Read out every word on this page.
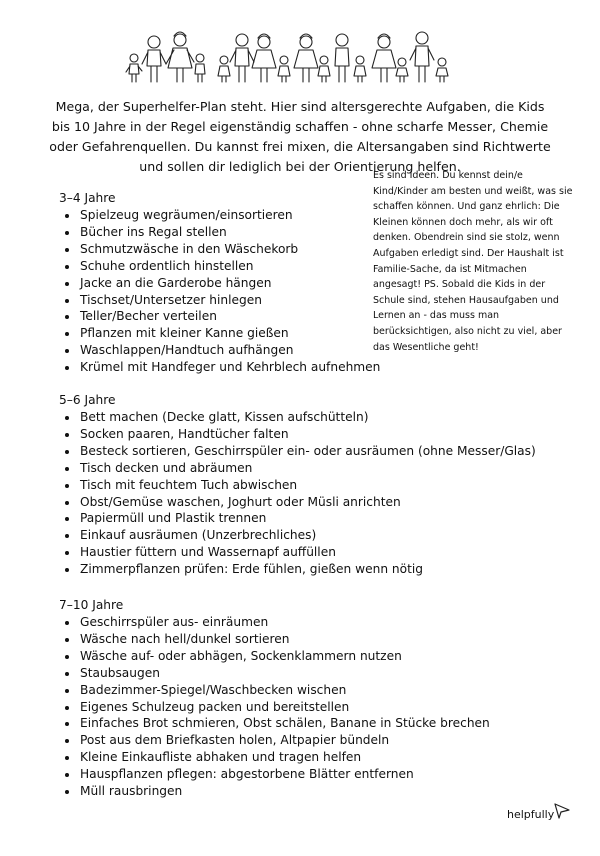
Mega, der Superhelfer-Plan steht. Hier sind altersgerechte Aufgaben, die Kids bis 10 Jahre in der Regel eigenständig schaffen - ohne scharfe Messer, Chemie oder Gefahrenquellen. Du kannst frei mixen, die Altersangaben sind Richtwerte und sollen dir lediglich bei der Orientierung helfen.

Es sind Ideen. Du kennst dein/e Kind/Kinder am besten und weißt, was sie schaffen können. Und ganz ehrlich: Die Kleinen können doch mehr, als wir oft denken. Obendrein sind sie stolz, wenn Aufgaben erledigt sind. Der Haushalt ist Familie-Sache, da ist Mitmachen angesagt! PS. Sobald die Kids in der Schule sind, stehen Hausaufgaben und Lernen an - das muss man berücksichtigen, also nicht zu viel, aber das Wesentliche geht!

3–4 Jahre
Spielzeug wegräumen/einsortieren
Bücher ins Regal stellen
Schmutzwäsche in den Wäschekorb
Schuhe ordentlich hinstellen
Jacke an die Garderobe hängen
Tischset/Untersetzer hinlegen
Teller/Becher verteilen
Pflanzen mit kleiner Kanne gießen
Waschlappen/Handtuch aufhängen
Krümel mit Handfeger und Kehrblech aufnehmen
5–6 Jahre
Bett machen (Decke glatt, Kissen aufschütteln)
Socken paaren, Handtücher falten
Besteck sortieren, Geschirrspüler ein- oder ausräumen (ohne Messer/Glas)
Tisch decken und abräumen
Tisch mit feuchtem Tuch abwischen
Obst/Gemüse waschen, Joghurt oder Müsli anrichten
Papiermüll und Plastik trennen
Einkauf ausräumen (Unzerbrechliches)
Haustier füttern und Wassernapf auffüllen
Zimmerpflanzen prüfen: Erde fühlen, gießen wenn nötig
7–10 Jahre
Geschirrspüler aus- einräumen
Wäsche nach hell/dunkel sortieren
Wäsche auf- oder abhägen, Sockenklammern nutzen
Staubsaugen
Badezimmer-Spiegel/Waschbecken wischen
Eigenes Schulzeug packen und bereitstellen
Einfaches Brot schmieren, Obst schälen, Banane in Stücke brechen
Post aus dem Briefkasten holen, Altpapier bündeln
Kleine Einkaufliste abhaken und tragen helfen
Hauspflanzen pflegen: abgestorbene Blätter entfernen
Müll rausbringen
helpfully
